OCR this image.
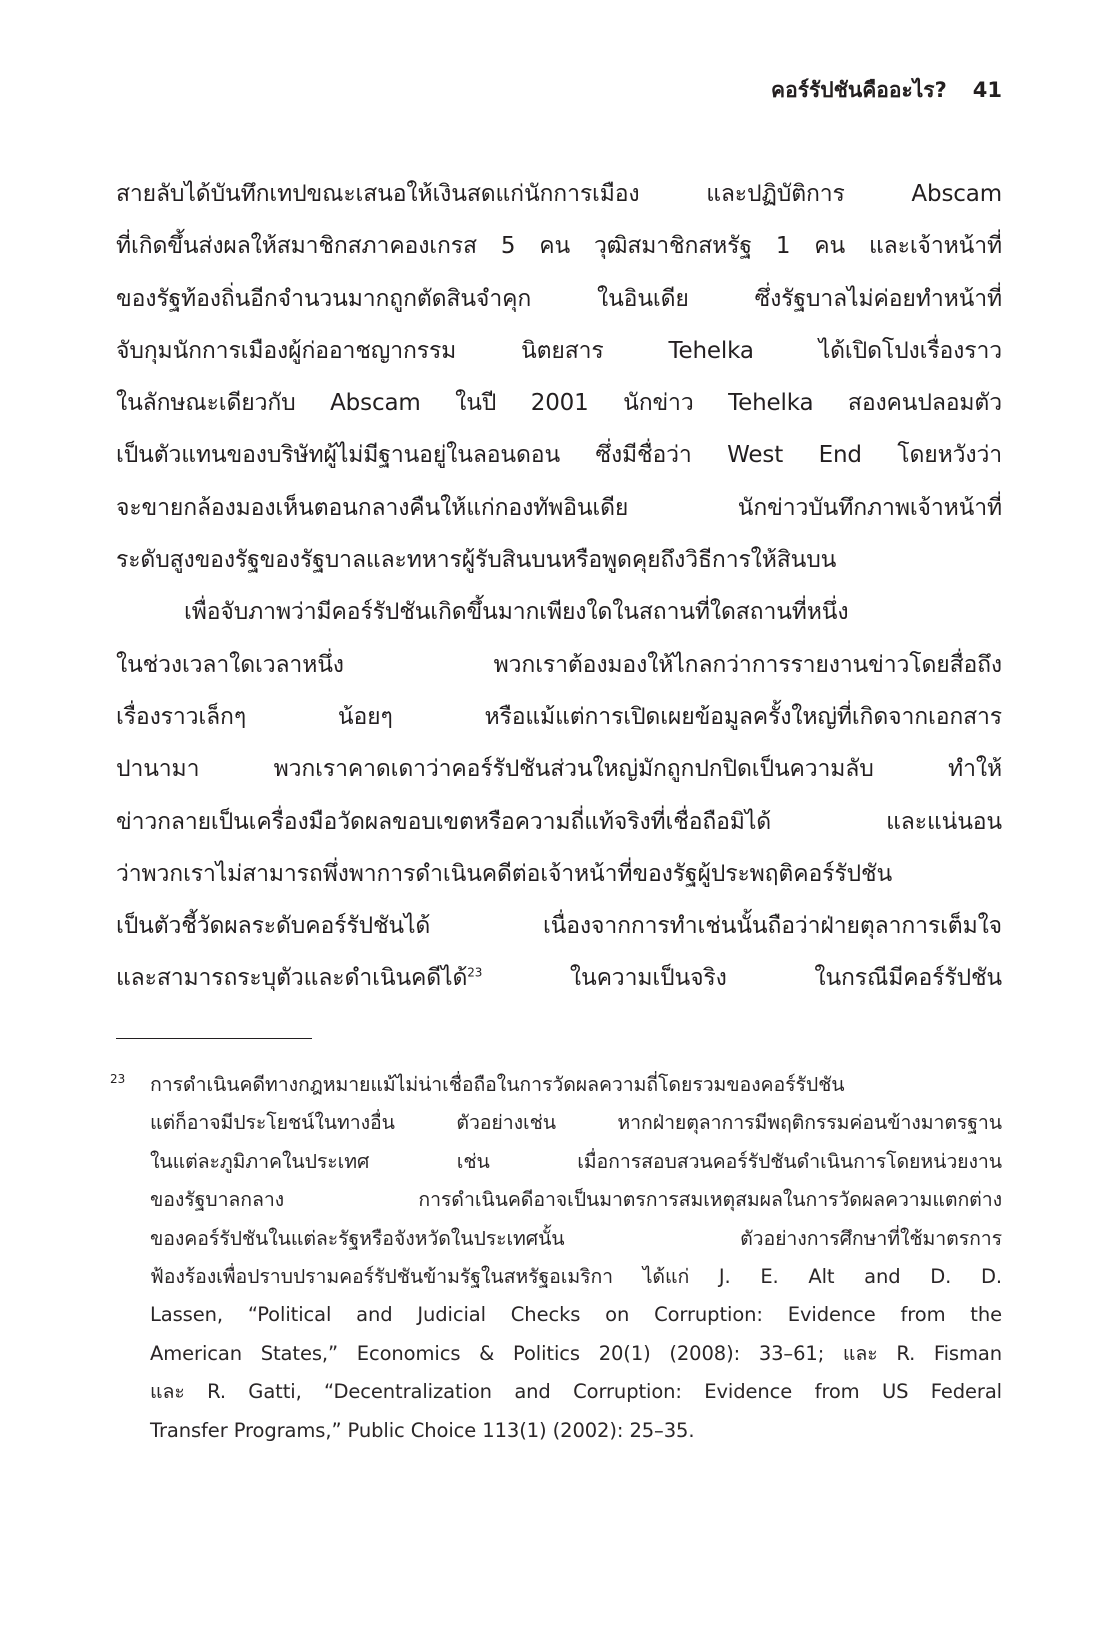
คอร์รัปชันคืออะไร? 41
สายลับได้บันทึกเทปขณะเสนอให้เงินสดแก่นักการเมือง และปฏิบัติการ Abscam
ที่เกิดขึ้นส่งผลให้สมาชิกสภาคองเกรส 5 คน วุฒิสมาชิกสหรัฐ 1 คน และเจ้าหน้าที่
ของรัฐท้องถิ่นอีกจำนวนมากถูกตัดสินจำคุก ในอินเดีย ซึ่งรัฐบาลไม่ค่อยทำหน้าที่
จับกุมนักการเมืองผู้ก่ออาชญากรรม นิตยสาร Tehelka ได้เปิดโปงเรื่องราว
ในลักษณะเดียวกับ Abscam ในปี 2001 นักข่าว Tehelka สองคนปลอมตัว
เป็นตัวแทนของบริษัทผู้ไม่มีฐานอยู่ในลอนดอน ซึ่งมีชื่อว่า West End โดยหวังว่า
จะขายกล้องมองเห็นตอนกลางคืนให้แก่กองทัพอินเดีย นักข่าวบันทึกภาพเจ้าหน้าที่
ระดับสูงของรัฐของรัฐบาลและทหารผู้รับสินบนหรือพูดคุยถึงวิธีการให้สินบน
เพื่อจับภาพว่ามีคอร์รัปชันเกิดขึ้นมากเพียงใดในสถานที่ใดสถานที่หนึ่ง
ในช่วงเวลาใดเวลาหนึ่ง พวกเราต้องมองให้ไกลกว่าการรายงานข่าวโดยสื่อถึง
เรื่องราวเล็กๆ น้อยๆ หรือแม้แต่การเปิดเผยข้อมูลครั้งใหญ่ที่เกิดจากเอกสาร
ปานามา พวกเราคาดเดาว่าคอร์รัปชันส่วนใหญ่มักถูกปกปิดเป็นความลับ ทำให้
ข่าวกลายเป็นเครื่องมือวัดผลขอบเขตหรือความถี่แท้จริงที่เชื่อถือมิได้ และแน่นอน
ว่าพวกเราไม่สามารถพึ่งพาการดำเนินคดีต่อเจ้าหน้าที่ของรัฐผู้ประพฤติคอร์รัปชัน
เป็นตัวชี้วัดผลระดับคอร์รัปชันได้ เนื่องจากการทำเช่นนั้นถือว่าฝ่ายตุลาการเต็มใจ
และสามารถระบุตัวและดำเนินคดีได้$^{23}$ ในความเป็นจริง ในกรณีมีคอร์รัปชัน
23 การดำเนินคดีทางกฎหมายแม้ไม่น่าเชื่อถือในการวัดผลความถี่โดยรวมของคอร์รัปชัน
แต่ก็อาจมีประโยชน์ในทางอื่น ตัวอย่างเช่น หากฝ่ายตุลาการมีพฤติกรรมค่อนข้างมาตรฐาน
ในแต่ละภูมิภาคในประเทศ เช่น เมื่อการสอบสวนคอร์รัปชันดำเนินการโดยหน่วยงาน
ของรัฐบาลกลาง การดำเนินคดีอาจเป็นมาตรการสมเหตุสมผลในการวัดผลความแตกต่าง
ของคอร์รัปชันในแต่ละรัฐหรือจังหวัดในประเทศนั้น ตัวอย่างการศึกษาที่ใช้มาตรการ
ฟ้องร้องเพื่อปราบปรามคอร์รัปชันข้ามรัฐในสหรัฐอเมริกา ได้แก่ J. E. Alt and D. D.
Lassen, “Political and Judicial Checks on Corruption: Evidence from the
American States,” Economics & Politics 20(1) (2008): 33–61; และ R. Fisman
และ R. Gatti, “Decentralization and Corruption: Evidence from US Federal
Transfer Programs,” Public Choice 113(1) (2002): 25–35.
